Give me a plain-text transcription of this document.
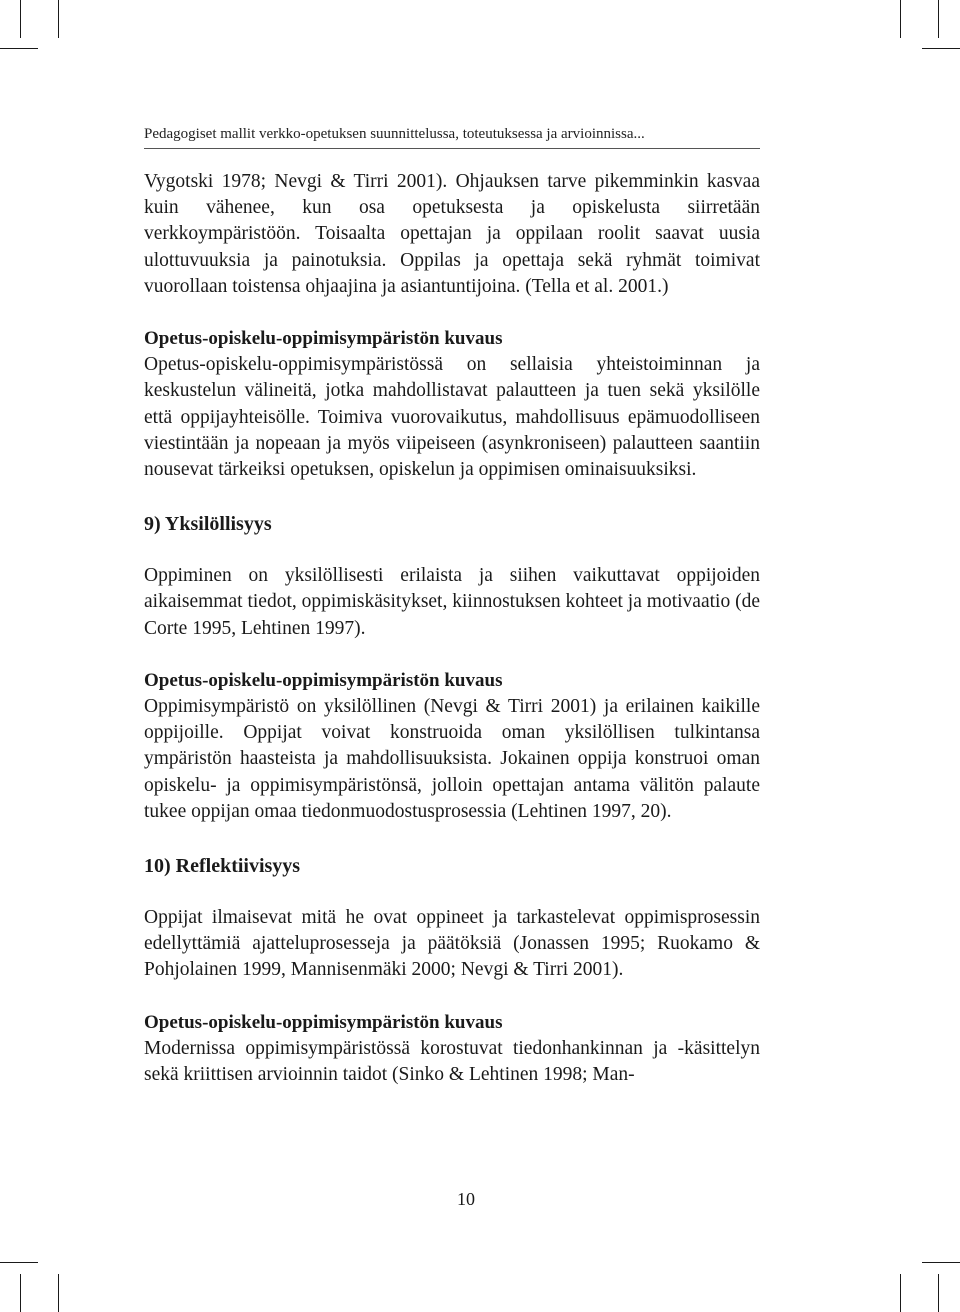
Pedagogiset mallit verkko-opetuksen suunnittelussa, toteutuksessa ja arvioinnissa...

Vygotski 1978; Nevgi & Tirri 2001). Ohjauksen tarve pikemminkin kasvaa kuin vähenee, kun osa opetuksesta ja opiskelusta siirretään verkkoympäristöön. Toisaalta opettajan ja oppilaan roolit saavat uusia ulottuvuuksia ja painotuksia. Oppilas ja opettaja sekä ryhmät toimivat vuorollaan toistensa ohjaajina ja asiantuntijoina. (Tella et al. 2001.)

Opetus-opiskelu-oppimisympäristön kuvaus

Opetus-opiskelu-oppimisympäristössä on sellaisia yhteistoiminnan ja keskustelun välineitä, jotka mahdollistavat palautteen ja tuen sekä yksilölle että oppijayhteisölle. Toimiva vuorovaikutus, mahdollisuus epämuodolliseen viestintään ja nopeaan ja myös viipeiseen (asynkroniseen) palautteen saantiin nousevat tärkeiksi opetuksen, opiskelun ja oppimisen ominaisuuksiksi.

9) Yksilöllisyys

Oppiminen on yksilöllisesti erilaista ja siihen vaikuttavat oppijoiden aikaisemmat tiedot, oppimiskäsitykset, kiinnostuksen kohteet ja motivaatio (de Corte 1995, Lehtinen 1997).

Opetus-opiskelu-oppimisympäristön kuvaus

Oppimisympäristö on yksilöllinen (Nevgi & Tirri 2001) ja erilainen kaikille oppijoille. Oppijat voivat konstruoida oman yksilöllisen tulkintansa ympäristön haasteista ja mahdollisuuksista. Jokainen oppija konstruoi oman opiskelu- ja oppimisympäristönsä, jolloin opettajan antama välitön palaute tukee oppijan omaa tiedonmuodostusprosessia (Lehtinen 1997, 20).

10) Reflektiivisyys

Oppijat ilmaisevat mitä he ovat oppineet ja tarkastelevat oppimisprosessin edellyttämiä ajatteluprosesseja ja päätöksiä (Jonassen 1995; Ruokamo & Pohjolainen 1999, Mannisenmäki 2000; Nevgi & Tirri 2001).

Opetus-opiskelu-oppimisympäristön kuvaus

Modernissa oppimisympäristössä korostuvat tiedonhankinnan ja -käsittelyn sekä kriittisen arvioinnin taidot (Sinko & Lehtinen 1998; Man-

10
